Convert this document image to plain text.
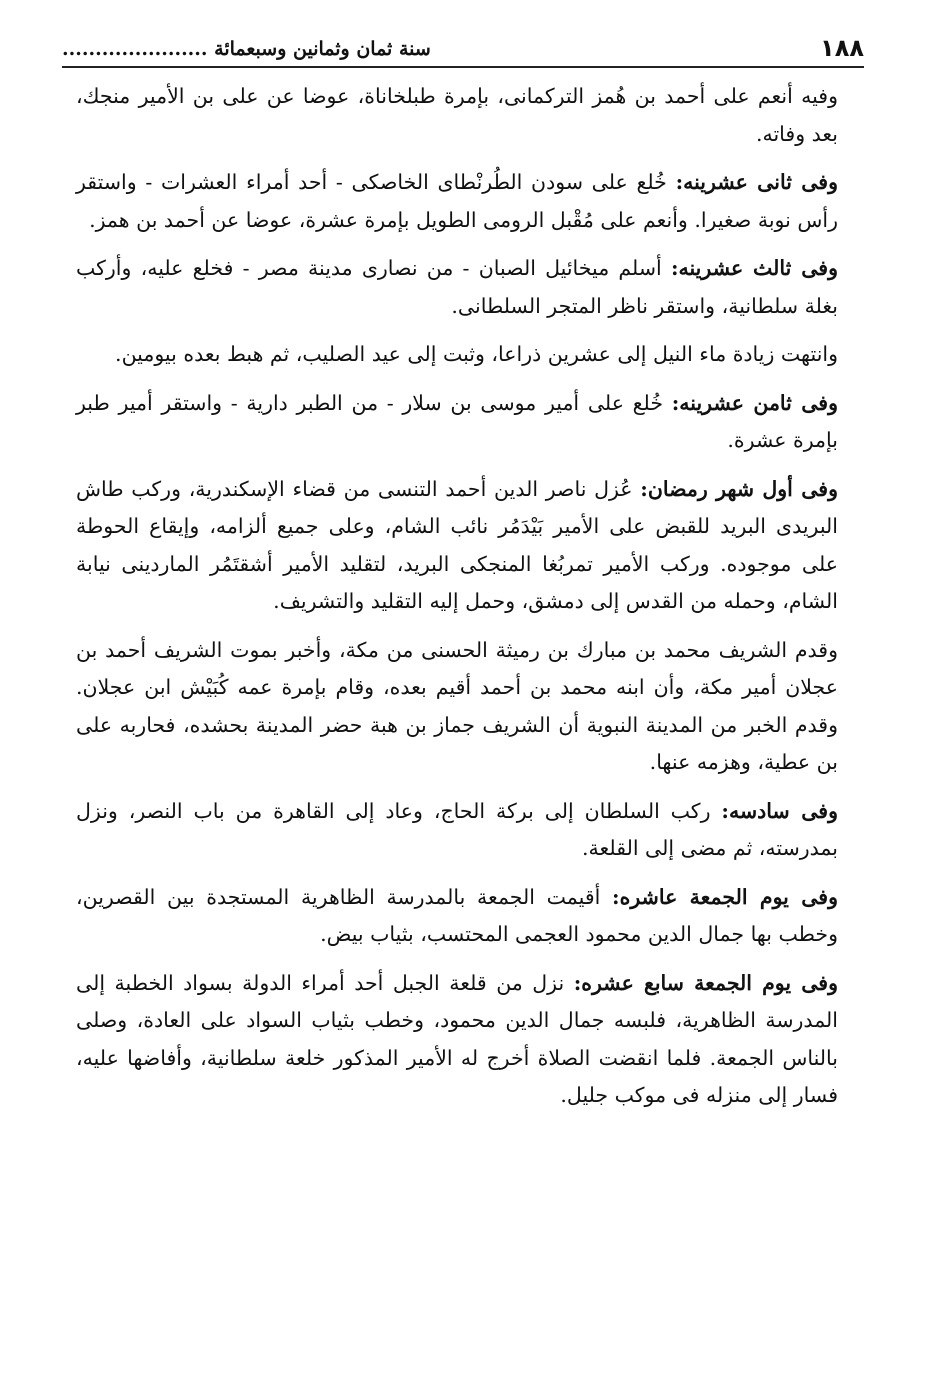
١٨٨
سنة ثمان وثمانين وسبعمائة ......................

وفيه أنعم على أحمد بن هُمز التركمانى، بإمرة طبلخاناة، عوضا عن على بن الأمير منجك، بعد وفاته.

وفى ثانى عشرينه: خُلع على سودن الطُرنْطاى الخاصكى - أحد أمراء العشرات - واستقر رأس نوبة صغيرا. وأنعم على مُقْبل الرومى الطويل بإمرة عشرة، عوضا عن أحمد بن همز.

وفى ثالث عشرينه: أسلم ميخائيل الصبان - من نصارى مدينة مصر - فخلع عليه، وأركب بغلة سلطانية، واستقر ناظر المتجر السلطانى.

وانتهت زيادة ماء النيل إلى عشرين ذراعا، وثبت إلى عيد الصليب، ثم هبط بعده بيومين.

وفى ثامن عشرينه: خُلع على أمير موسى بن سلار - من الطبر دارية - واستقر أمير طبر بإمرة عشرة.

وفى أول شهر رمضان: عُزل ناصر الدين أحمد التنسى من قضاء الإسكندرية، وركب طاش البريدى البريد للقبض على الأمير بَيْدَمُر نائب الشام، وعلى جميع ألزامه، وإيقاع الحوطة على موجوده. وركب الأمير تمربُغا المنجكى البريد، لتقليد الأمير أشقتَمُر الماردينى نيابة الشام، وحمله من القدس إلى دمشق، وحمل إليه التقليد والتشريف.

وقدم الشريف محمد بن مبارك بن رميثة الحسنى من مكة، وأخبر بموت الشريف أحمد بن عجلان أمير مكة، وأن ابنه محمد بن أحمد أقيم بعده، وقام بإمرة عمه كُبَيْش ابن عجلان. وقدم الخبر من المدينة النبوية أن الشريف جماز بن هبة حضر المدينة بحشده، فحاربه على بن عطية، وهزمه عنها.

وفى سادسه: ركب السلطان إلى بركة الحاج، وعاد إلى القاهرة من باب النصر، ونزل بمدرسته، ثم مضى إلى القلعة.

وفى يوم الجمعة عاشره: أقيمت الجمعة بالمدرسة الظاهرية المستجدة بين القصرين، وخطب بها جمال الدين محمود العجمى المحتسب، بثياب بيض.

وفى يوم الجمعة سابع عشره: نزل من قلعة الجبل أحد أمراء الدولة بسواد الخطبة إلى المدرسة الظاهرية، فلبسه جمال الدين محمود، وخطب بثياب السواد على العادة، وصلى بالناس الجمعة. فلما انقضت الصلاة أخرج له الأمير المذكور خلعة سلطانية، وأفاضها عليه، فسار إلى منزله فى موكب جليل.
